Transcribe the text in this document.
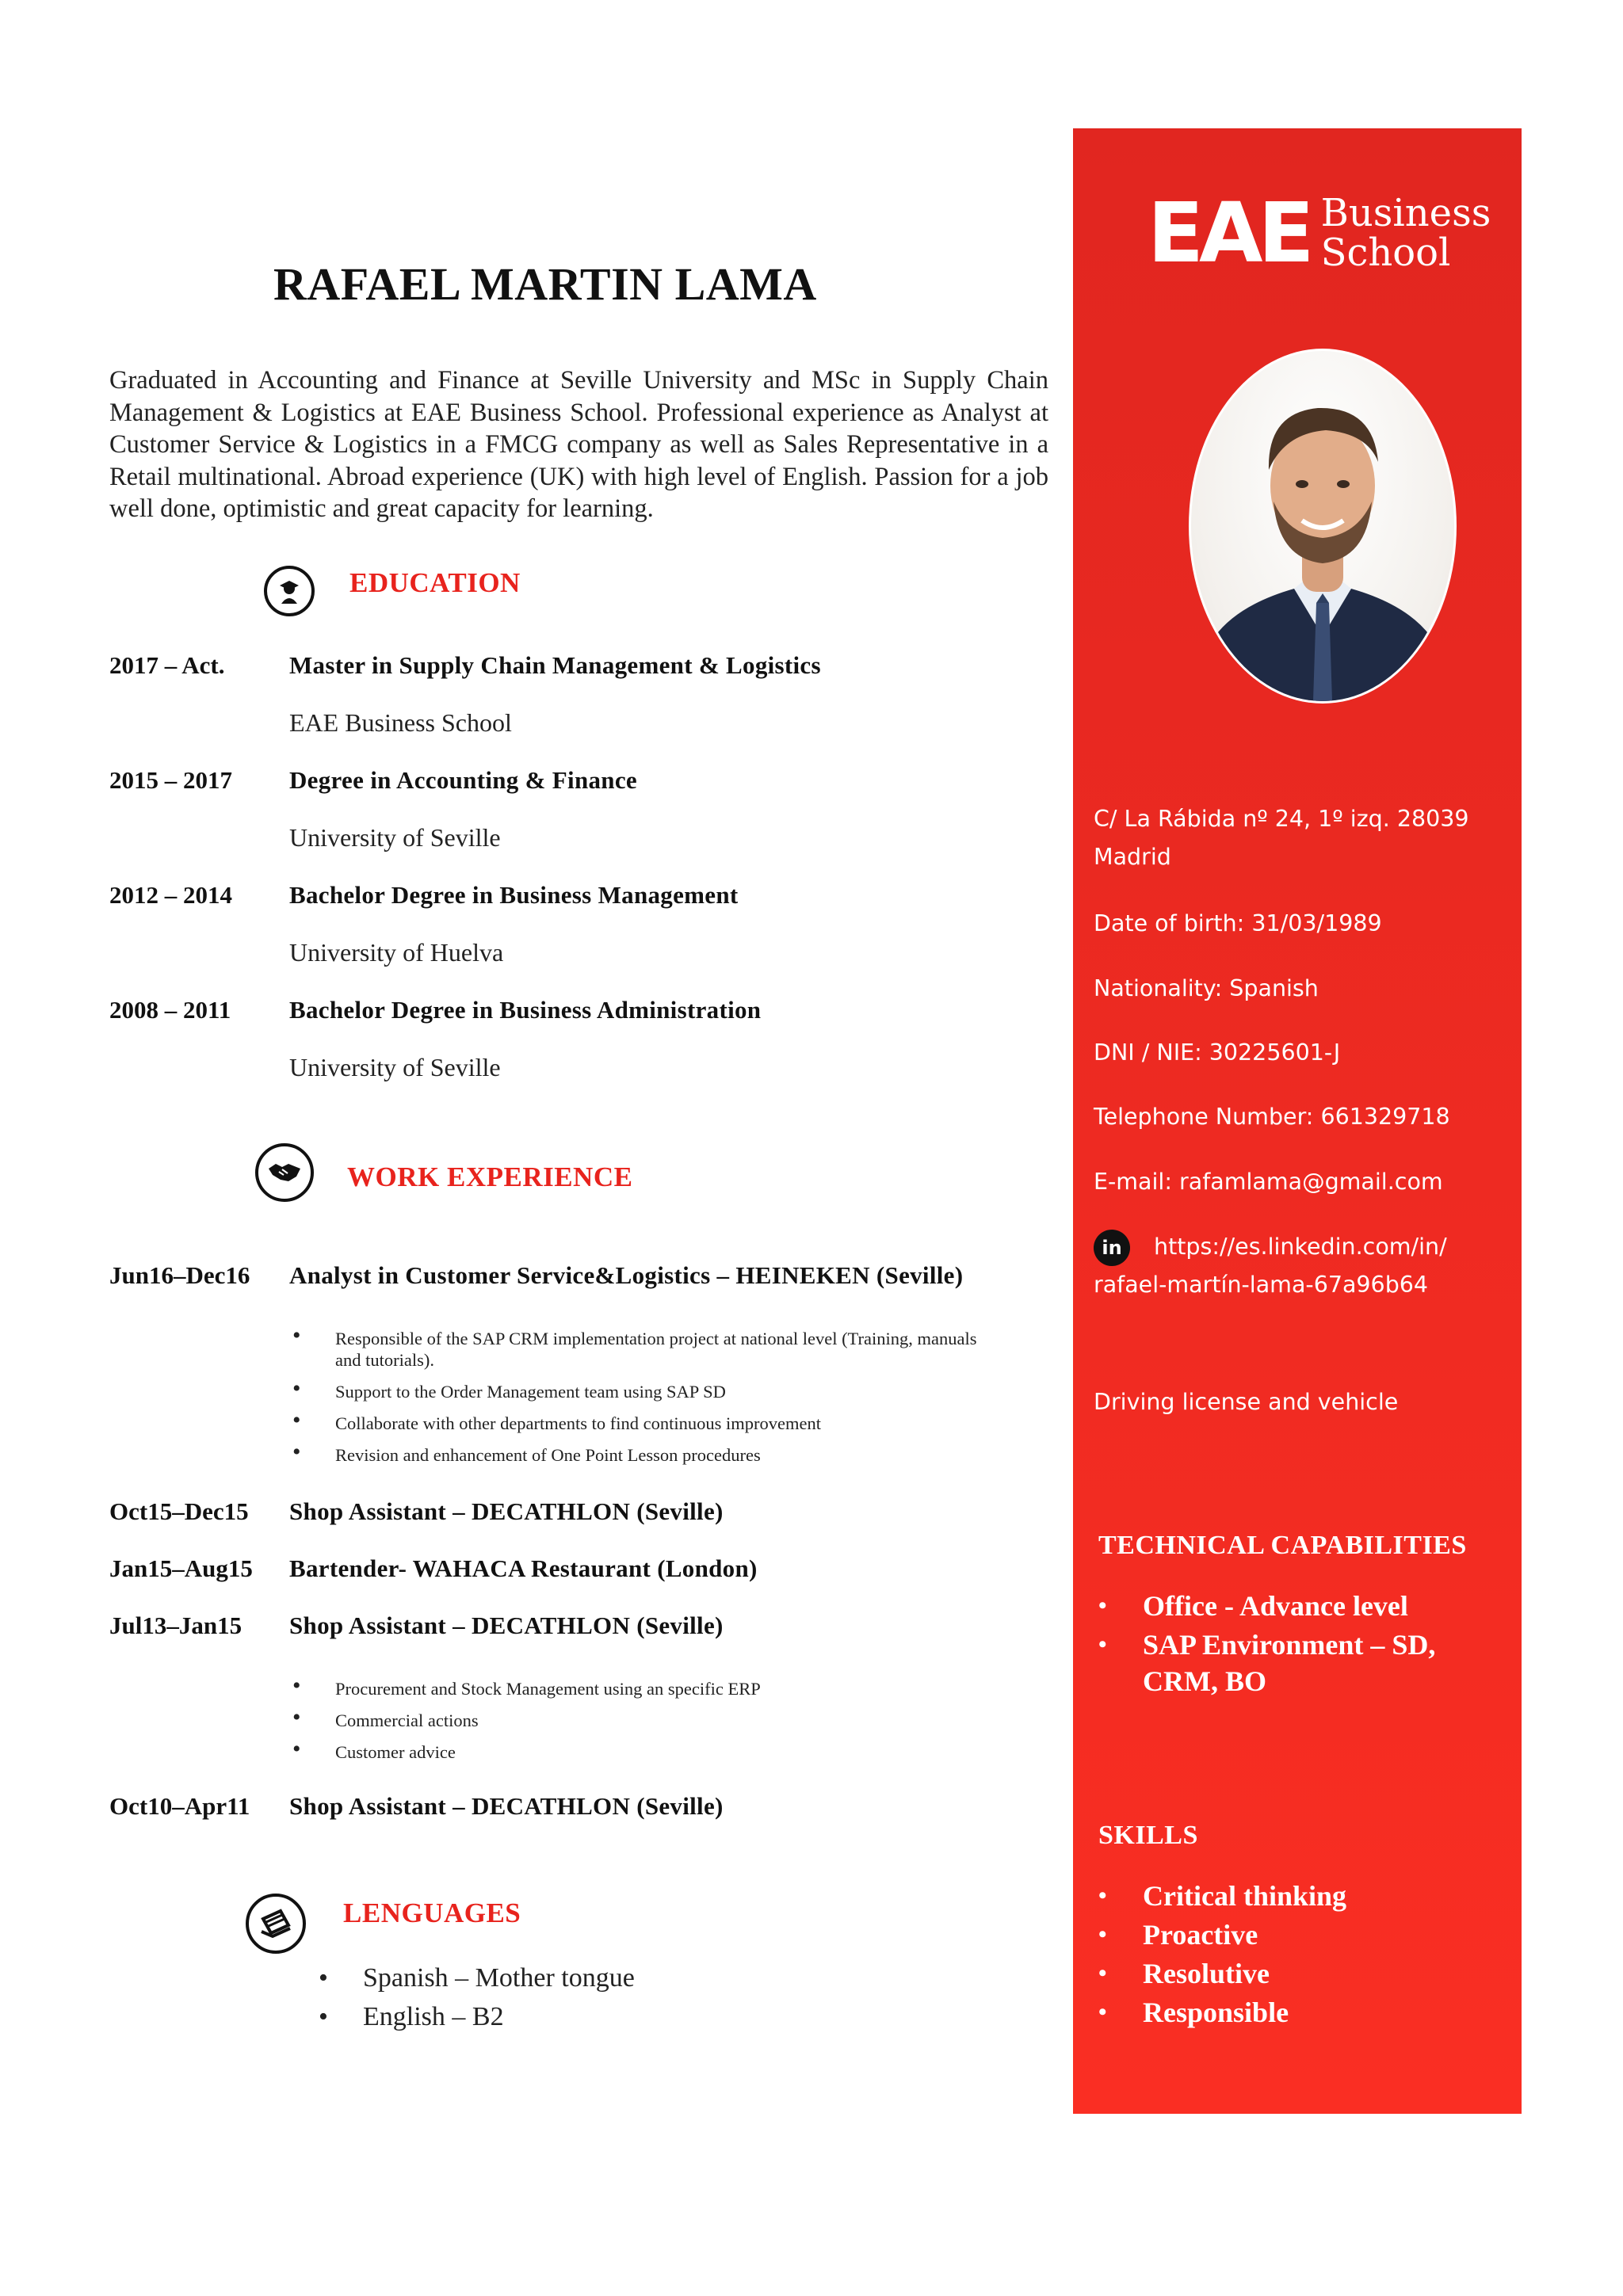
RAFAEL MARTIN LAMA
Graduated in Accounting and Finance at Seville University and MSc in Supply Chain Management & Logistics at EAE Business School. Professional experience as Analyst at Customer Service & Logistics in a FMCG company as well as Sales Representative in a Retail multinational. Abroad experience (UK) with high level of English. Passion for a job well done, optimistic and great capacity for learning.
EDUCATION
2017 – Act.	Master in Supply Chain Management & Logistics
EAE Business School
2015 – 2017 Degree in Accounting & Finance
University of Seville
2012 – 2014 Bachelor Degree in Business Management
University of Huelva
2008 – 2011 Bachelor Degree in Business Administration
University of Seville
WORK EXPERIENCE
Jun16–Dec16 Analyst in Customer Service&Logistics – HEINEKEN (Seville)
• Responsible of the SAP CRM implementation project at national level (Training, manuals and tutorials).
• Support to the Order Management team using SAP SD
• Collaborate with other departments to find continuous improvement
• Revision and enhancement of One Point Lesson procedures
Oct15–Dec15 Shop Assistant – DECATHLON (Seville)
Jan15–Aug15 Bartender- WAHACA Restaurant (London)
Jul13–Jan15 Shop Assistant – DECATHLON (Seville)
• Procurement and Stock Management using an specific ERP
• Commercial actions
• Customer advice
Oct10–Apr11 Shop Assistant – DECATHLON (Seville)
LENGUAGES
• Spanish – Mother tongue
• English – B2
EAE Business
School
C/ La Rábida nº 24, 1º izq. 28039
Madrid
Date of birth: 31/03/1989
Nationality: Spanish
DNI / NIE: 30225601-J
Telephone Number: 661329718
E-mail: rafamlama@gmail.com
in https://es.linkedin.com/in/
rafael-martín-lama-67a96b64
Driving license and vehicle
TECHNICAL CAPABILITIES
• Office - Advance level
• SAP Environment – SD, CRM, BO
SKILLS
• Critical thinking
• Proactive
• Resolutive
• Responsible
